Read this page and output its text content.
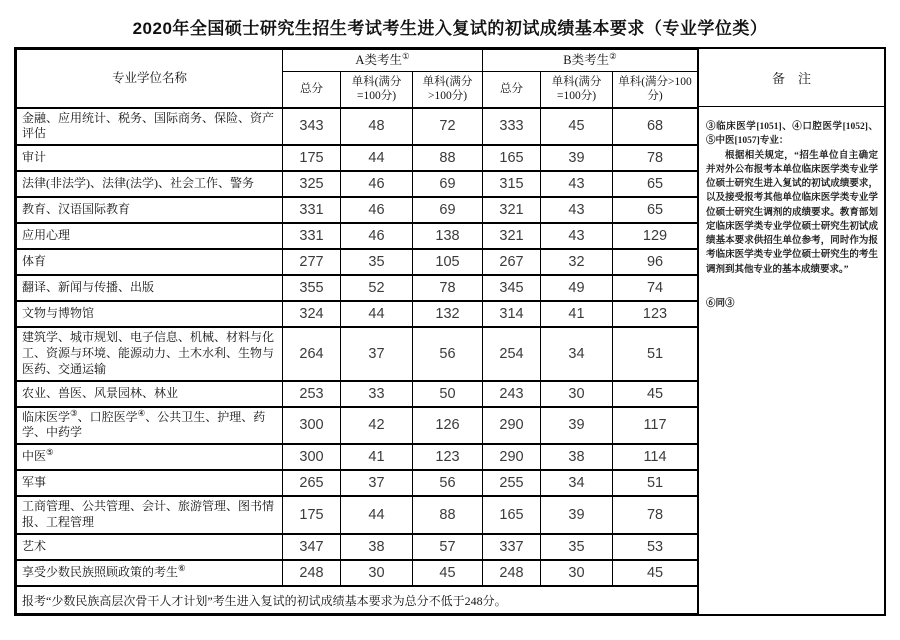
2020年全国硕士研究生招生考试考生进入复试的初试成绩基本要求（专业学位类）
专业学位名称	A类考生①			B类考生②
	总分	单科(满分=100分)	单科(满分>100分)	总分	单科(满分=100分)	单科(满分>100分)
金融、应用统计、税务、国际商务、保险、资产评估	343	48	72	333	45	68
审计	175	44	88	165	39	78
法律(非法学)、法律(法学)、社会工作、警务	325	46	69	315	43	65
教育、汉语国际教育	331	46	69	321	43	65
应用心理	331	46	138	321	43	129
体育	277	35	105	267	32	96
翻译、新闻与传播、出版	355	52	78	345	49	74
文物与博物馆	324	44	132	314	41	123
建筑学、城市规划、电子信息、机械、材料与化工、资源与环境、能源动力、土木水利、生物与医药、交通运输	264	37	56	254	34	51
农业、兽医、风景园林、林业	253	33	50	243	30	45
临床医学③、口腔医学④、公共卫生、护理、药学、中药学	300	42	126	290	39	117
中医⑤	300	41	123	290	38	114
军事	265	37	56	255	34	51
工商管理、公共管理、会计、旅游管理、图书情报、工程管理	175	44	88	165	39	78
艺术	347	38	57	337	35	53
享受少数民族照顾政策的考生⑥	248	30	45	248	30	45
报考“少数民族高层次骨干人才计划”考生进入复试的初试成绩基本要求为总分不低于248分。						
备　注

③临床医学[1051]、④口腔医学[1052]、⑤中医[1057]专业：

根据相关规定，“招生单位自主确定并对外公布报考本单位临床医学类专业学位硕士研究生进入复试的初试成绩要求，以及接受报考其他单位临床医学类专业学位硕士研究生调剂的成绩要求。教育部划定临床医学类专业学位硕士研究生初试成绩基本要求供招生单位参考，同时作为报考临床医学类专业学位硕士研究生的考生调剂到其他专业的基本成绩要求。”

⑥同③
